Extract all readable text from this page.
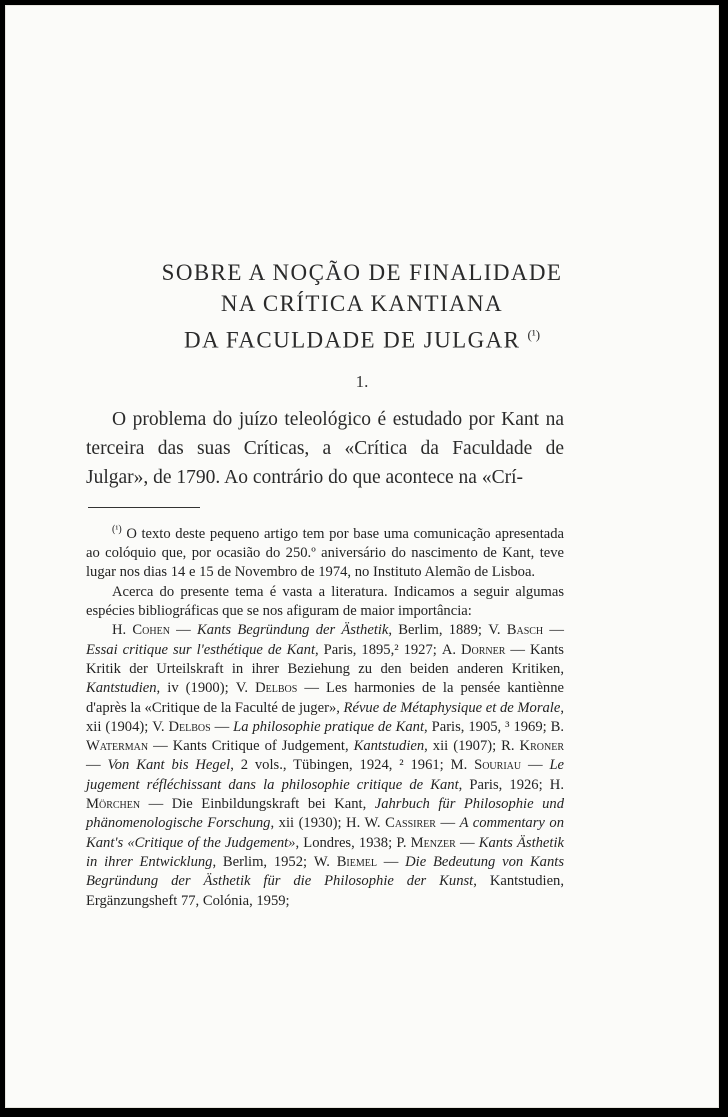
SOBRE A NOÇÃO DE FINALIDADE
NA CRÍTICA KANTIANA
DA FACULDADE DE JULGAR $^{(^1)}$
1.

O problema do juízo teleológico é estudado por Kant na terceira das suas Críticas, a «Crítica da Faculdade de Julgar», de 1790. Ao contrário do que acontece na «Crí-

$^{(^1)}$ O texto deste pequeno artigo tem por base uma comunicação apresentada ao colóquio que, por ocasião do 250.º aniversário do nascimento de Kant, teve lugar nos dias 14 e 15 de Novembro de 1974, no Instituto Alemão de Lisboa.

Acerca do presente tema é vasta a literatura. Indicamos a seguir algumas espécies bibliográficas que se nos afiguram de maior importância:

H. Cohen — Kants Begründung der Ästhetik, Berlim, 1889; V. Basch — Essai critique sur l'esthétique de Kant, Paris, 1895,² 1927; A. Dorner — Kants Kritik der Urteilskraft in ihrer Beziehung zu den beiden anderen Kritiken, Kantstudien, iv (1900); V. Delbos — Les harmonies de la pensée kantiènne d'après la «Critique de la Faculté de juger», Révue de Métaphysique et de Morale, xii (1904); V. Delbos — La philosophie pratique de Kant, Paris, 1905, ³ 1969; B. Waterman — Kants Critique of Judgement, Kantstudien, xii (1907); R. Kroner — Von Kant bis Hegel, 2 vols., Tübingen, 1924, ² 1961; M. Souriau — Le jugement réfléchissant dans la philosophie critique de Kant, Paris, 1926; H. Mörchen — Die Einbildungskraft bei Kant, Jahrbuch für Philosophie und phänomenologische Forschung, xii (1930); H. W. Cassirer — A commentary on Kant's «Critique of the Judgement», Londres, 1938; P. Menzer — Kants Ästhetik in ihrer Entwicklung, Berlim, 1952; W. Biemel — Die Bedeutung von Kants Begründung der Ästhetik für die Philosophie der Kunst, Kantstudien, Ergänzungsheft 77, Colónia, 1959;
